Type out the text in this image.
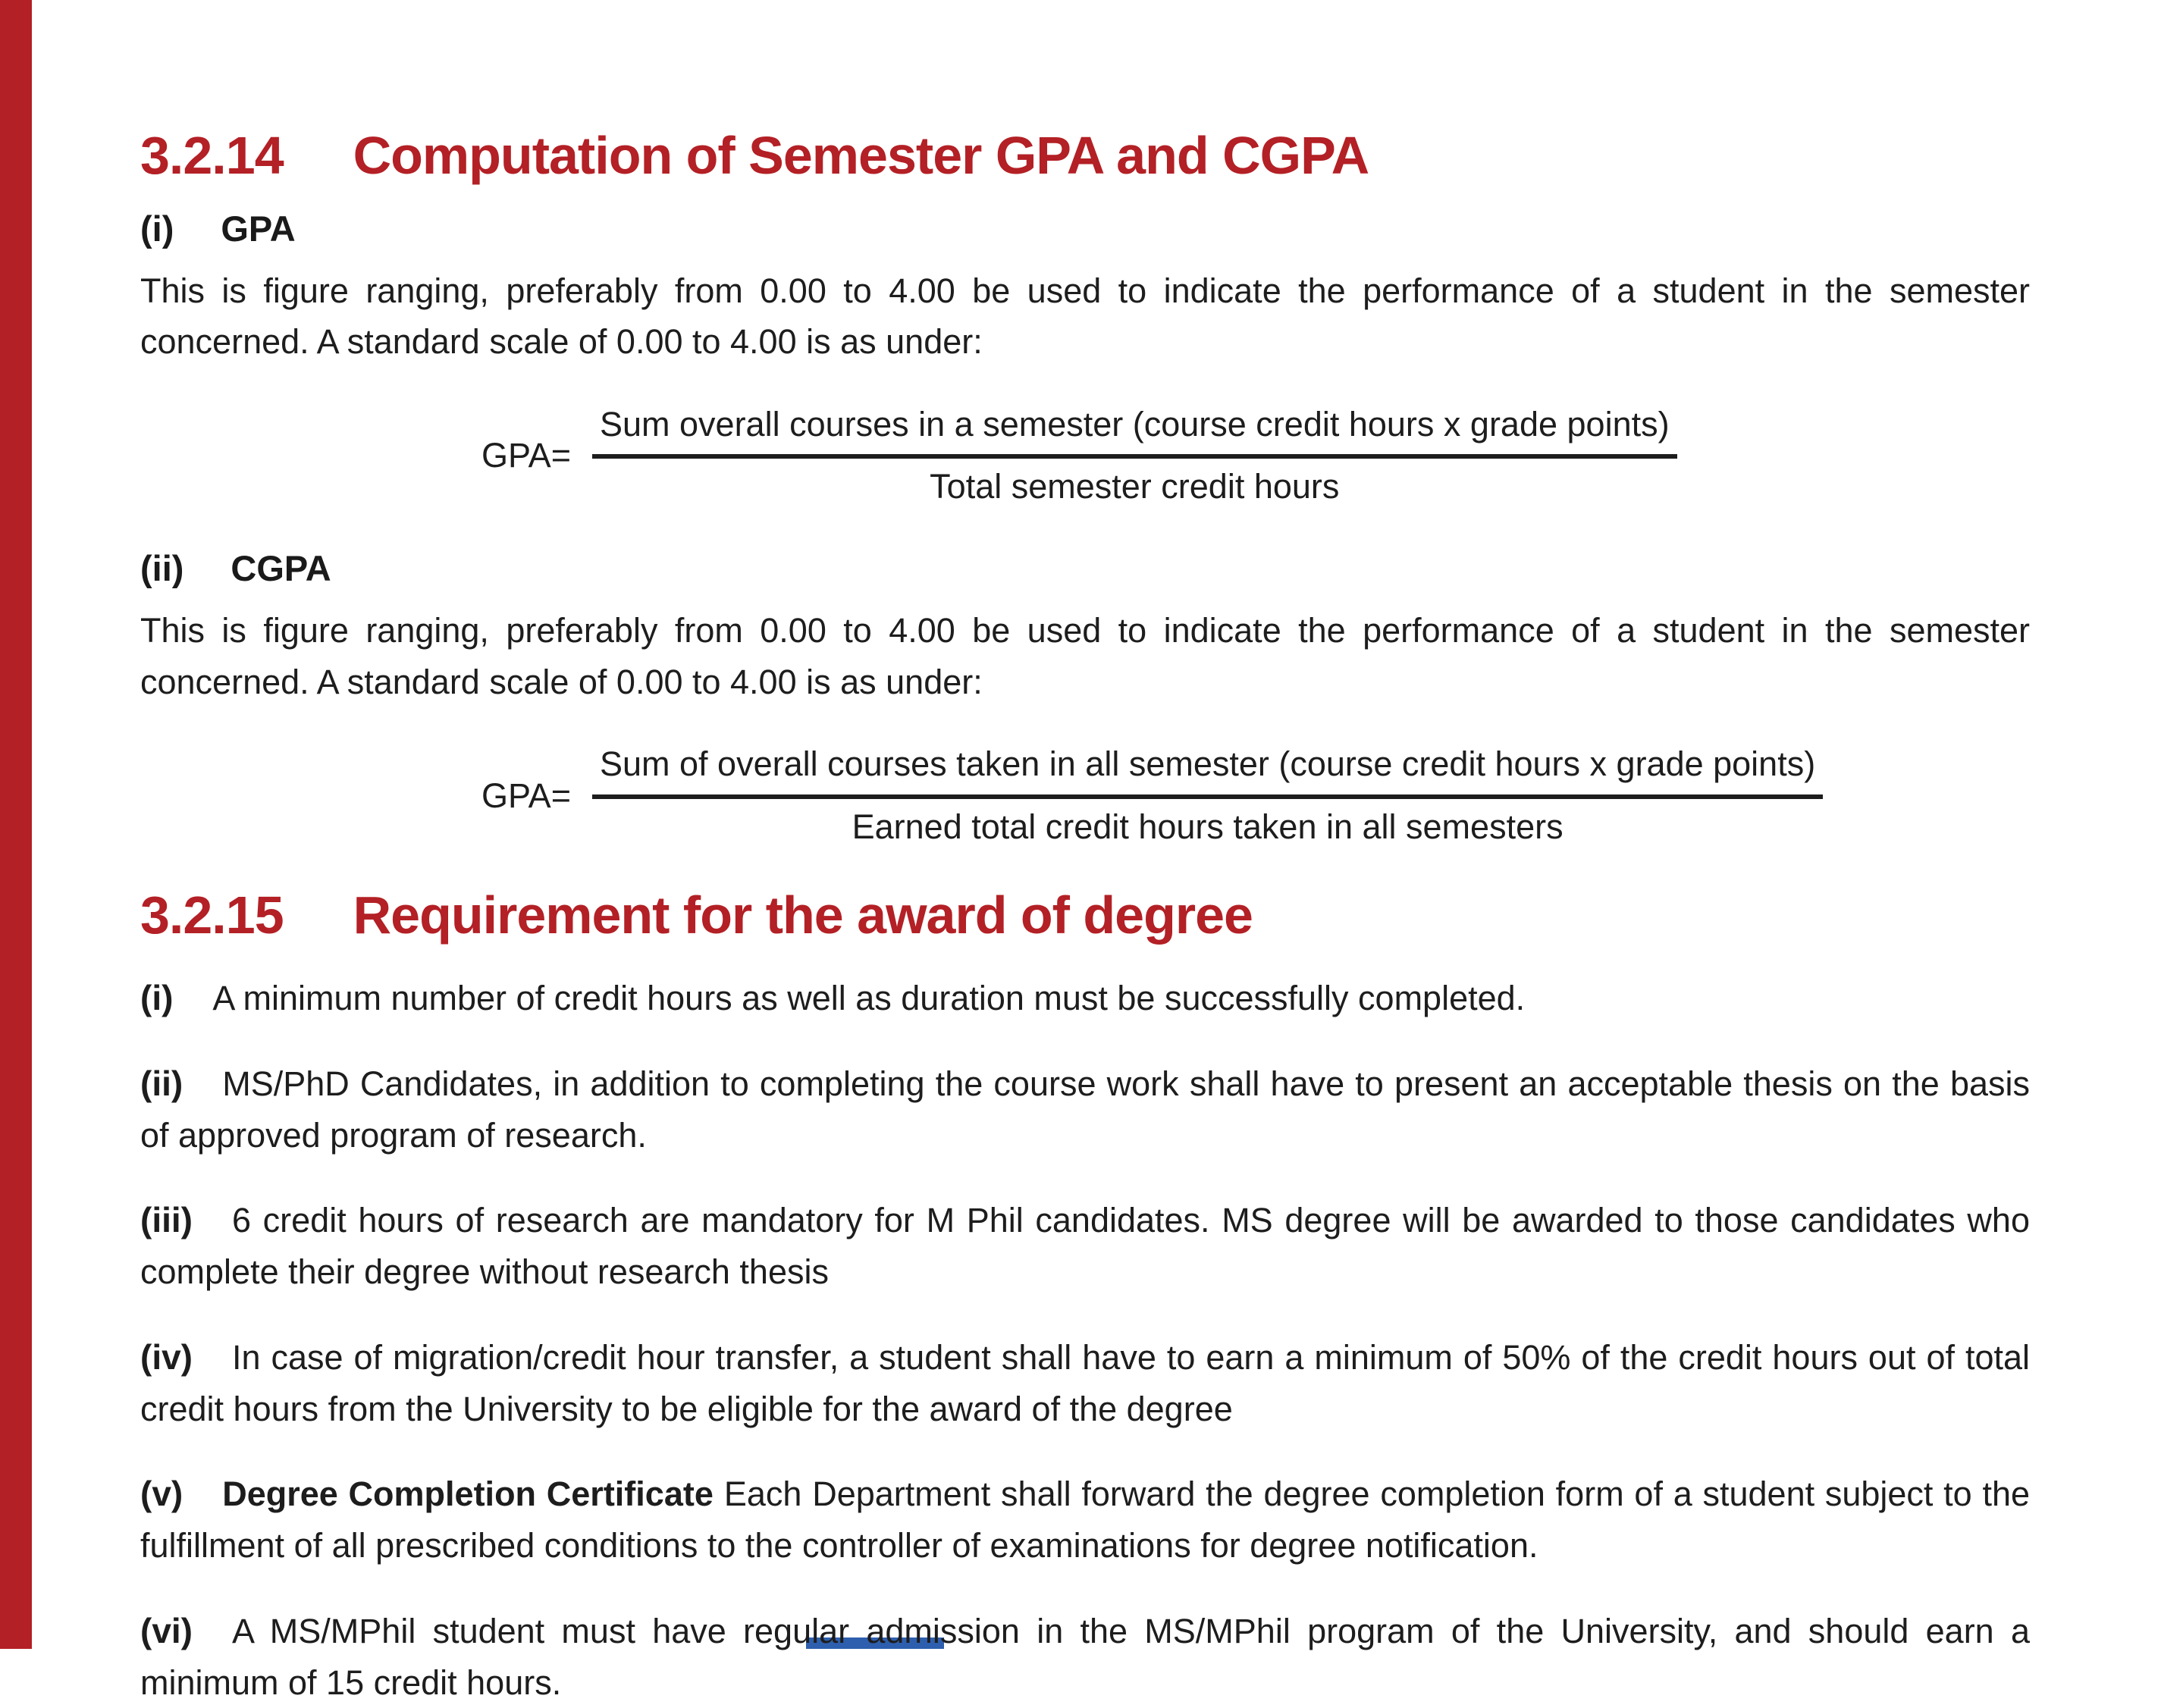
3.2.14 Computation of Semester GPA and CGPA
(i) GPA

This is figure ranging, preferably from 0.00 to 4.00 be used to indicate the performance of a student in the semester concerned. A standard scale of 0.00 to 4.00 is as under:

GPA=
Sum overall courses in a semester (course credit hours x grade points)
Total semester credit hours
(ii) CGPA

This is figure ranging, preferably from 0.00 to 4.00 be used to indicate the performance of a student in the semester concerned. A standard scale of 0.00 to 4.00 is as under:

GPA=
Sum of overall courses taken in all semester (course credit hours x grade points)
Earned total credit hours taken in all semesters
3.2.15 Requirement for the award of degree

(i) A minimum number of credit hours as well as duration must be successfully completed.

(ii) MS/PhD Candidates, in addition to completing the course work shall have to present an acceptable thesis on the basis of approved program of research.

(iii) 6 credit hours of research are mandatory for M Phil candidates. MS degree will be awarded to those candidates who complete their degree without research thesis

(iv) In case of migration/credit hour transfer, a student shall have to earn a minimum of 50% of the credit hours out of total credit hours from the University to be eligible for the award of the degree

(v) Degree Completion Certificate Each Department shall forward the degree completion form of a student subject to the fulfillment of all prescribed conditions to the controller of examinations for degree notification.

(vi) A MS/MPhil student must have regular admission in the MS/MPhil program of the University, and should earn a minimum of 15 credit hours.
